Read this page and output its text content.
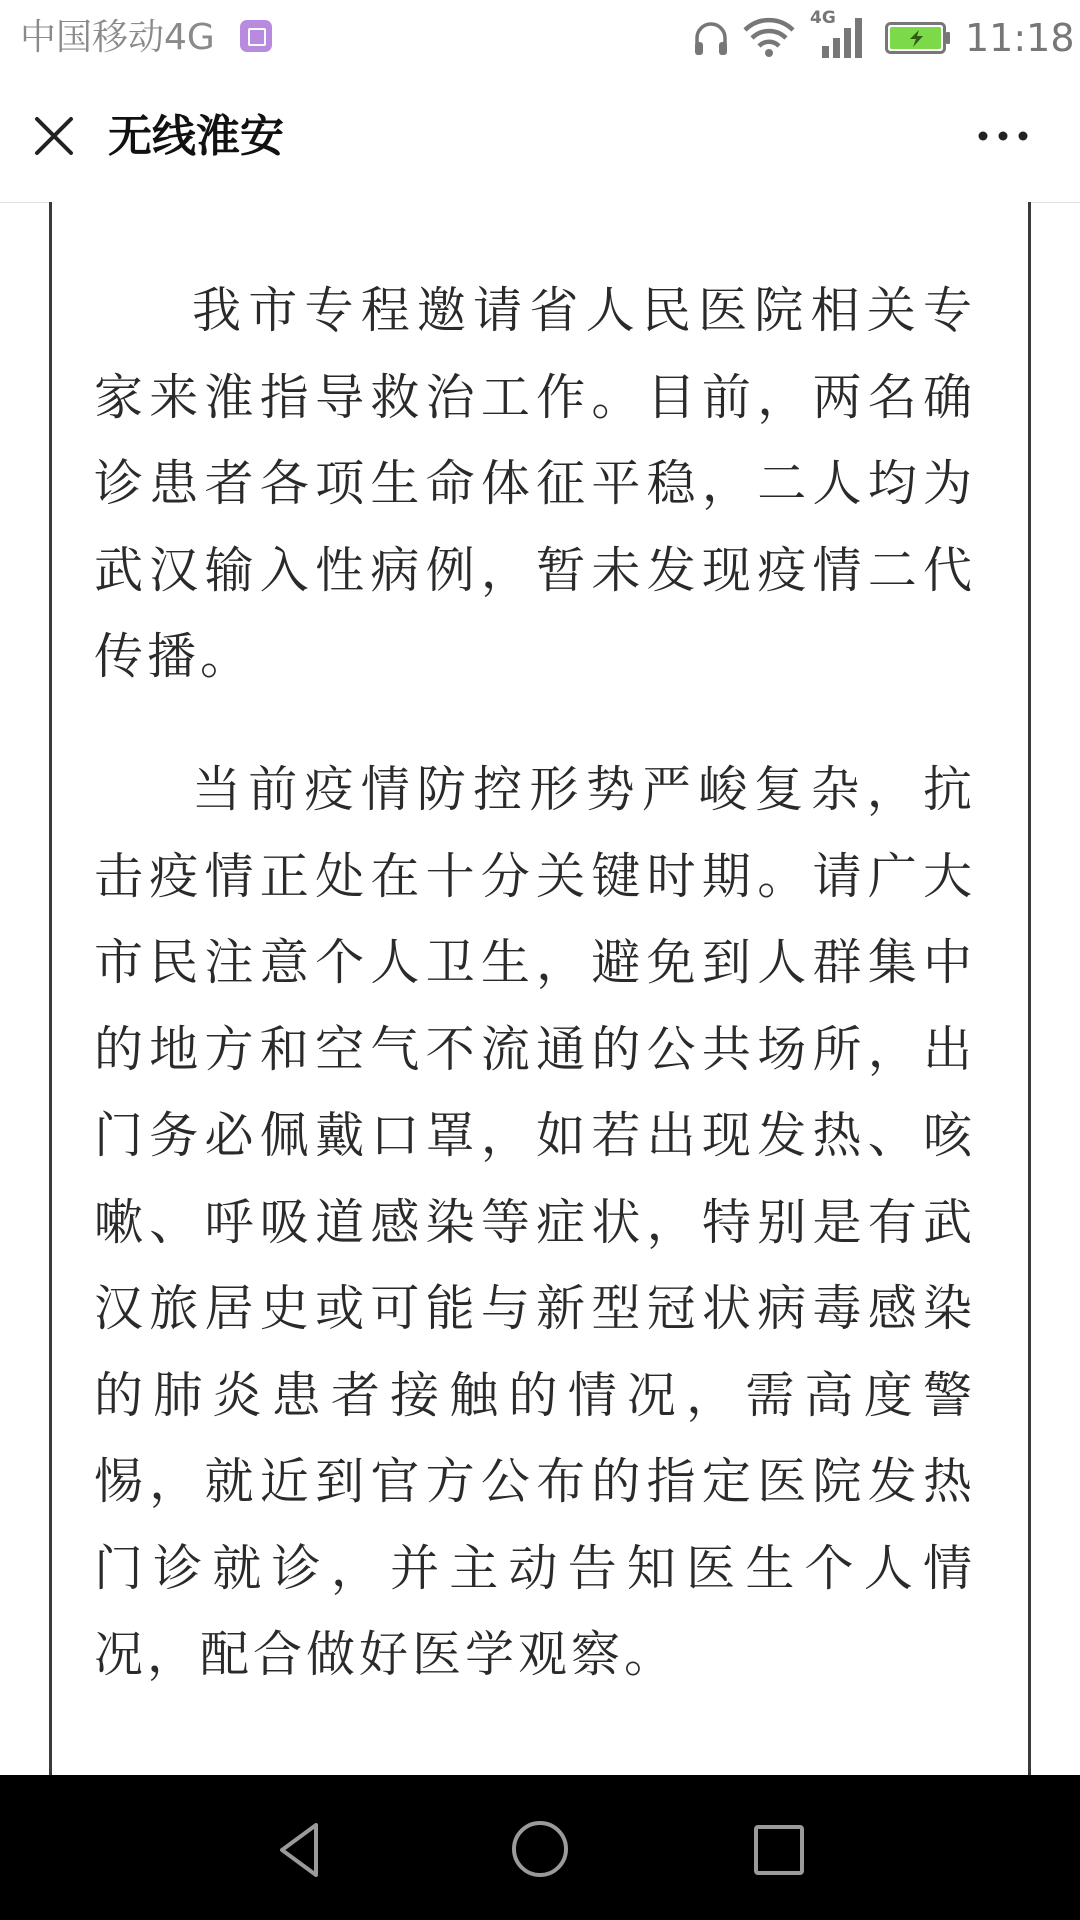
中国移动4G	4G	11:18
无线淮安

我市专程邀请省人民医院相关专家来淮指导救治工作。目前，两名确诊患者各项生命体征平稳，二人均为武汉输入性病例，暂未发现疫情二代传播。

当前疫情防控形势严峻复杂，抗击疫情正处在十分关键时期。请广大市民注意个人卫生，避免到人群集中的地方和空气不流通的公共场所，出门务必佩戴口罩，如若出现发热、咳嗽、呼吸道感染等症状，特别是有武汉旅居史或可能与新型冠状病毒感染的肺炎患者接触的情况，需高度警惕，就近到官方公布的指定医院发热门诊就诊，并主动告知医生个人情况，配合做好医学观察。
